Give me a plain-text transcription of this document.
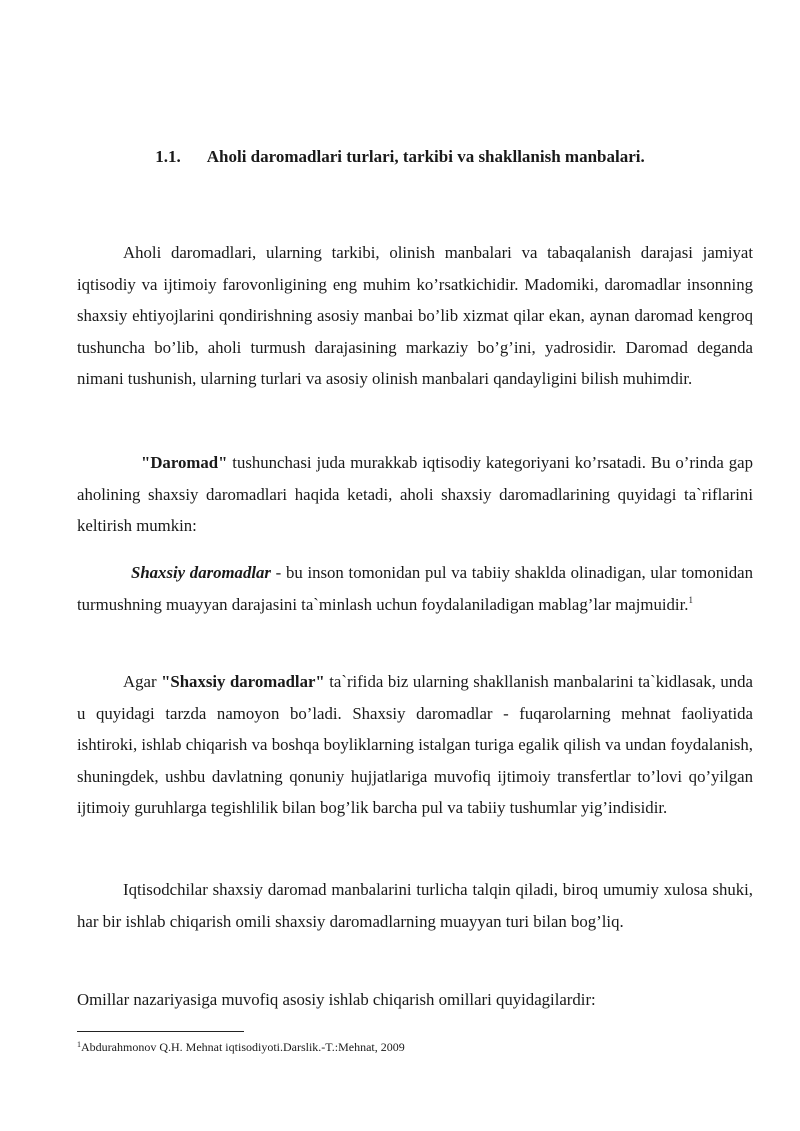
1.1. Aholi daromadlari turlari, tarkibi va shakllanish manbalari.

Aholi daromadlari, ularning tarkibi, olinish manbalari va tabaqalanish darajasi jamiyat iqtisodiy va ijtimoiy farovonligining eng muhim ko’rsatkichidir. Madomiki, daromadlar insonning shaxsiy ehtiyojlarini qondirishning asosiy manbai bo’lib xizmat qilar ekan, aynan daromad kengroq tushuncha bo’lib, aholi turmush darajasining markaziy bo’g’ini, yadrosidir. Daromad deganda nimani tushunish, ularning turlari va asosiy olinish manbalari qandayligini bilish muhimdir.

"Daromad" tushunchasi juda murakkab iqtisodiy kategoriyani ko’rsatadi. Bu o’rinda gap aholining shaxsiy daromadlari haqida ketadi, aholi shaxsiy daromadlarining quyidagi ta`riflarini keltirish mumkin:

Shaxsiy daromadlar - bu inson tomonidan pul va tabiiy shaklda olinadigan, ular tomonidan turmushning muayyan darajasini ta`minlash uchun foydalaniladigan mablag’lar majmuidir.$^1$

Agar "Shaxsiy daromadlar" ta`rifida biz ularning shakllanish manbalarini ta`kidlasak, unda u quyidagi tarzda namoyon bo’ladi. Shaxsiy daromadlar - fuqarolarning mehnat faoliyatida ishtiroki, ishlab chiqarish va boshqa boyliklarning istalgan turiga egalik qilish va undan foydalanish, shuningdek, ushbu davlatning qonuniy hujjatlariga muvofiq ijtimoiy transfertlar to’lovi qo’yilgan ijtimoiy guruhlarga tegishlilik bilan bog’lik barcha pul va tabiiy tushumlar yig’indisidir.

Iqtisodchilar shaxsiy daromad manbalarini turlicha talqin qiladi, biroq umumiy xulosa shuki, har bir ishlab chiqarish omili shaxsiy daromadlarning muayyan turi bilan bog’liq.

Omillar nazariyasiga muvofiq asosiy ishlab chiqarish omillari quyidagilardir:

$^1$Abdurahmonov Q.H. Mehnat iqtisodiyoti.Darslik.-T.:Mehnat, 2009
